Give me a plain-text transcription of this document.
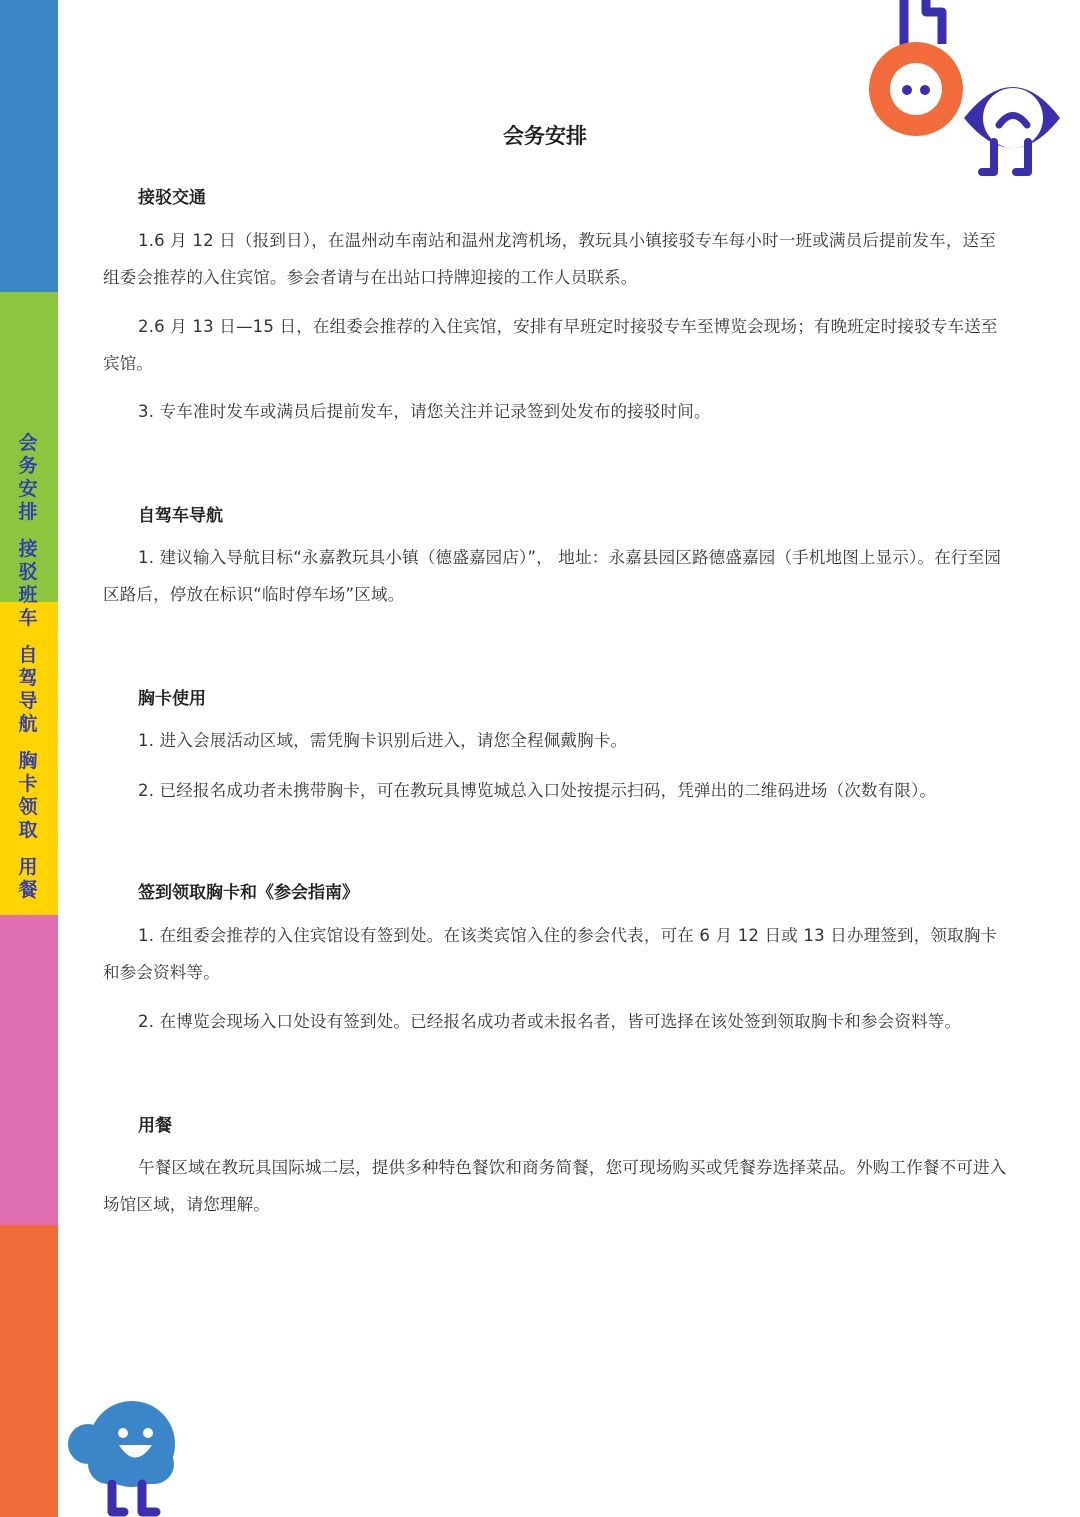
会
务
安
排
接
驳
班
车
自
驾
导
航
胸
卡
领
取
用
餐
会务安排
接驳交通
1.6 月 12 日（报到日），在温州动车南站和温州龙湾机场，教玩具小镇接驳专车每小时一班或满员后提前发车，送至组委会推荐的入住宾馆。参会者请与在出站口持牌迎接的工作人员联系。
2.6 月 13 日—15 日，在组委会推荐的入住宾馆，安排有早班定时接驳专车至博览会现场；有晚班定时接驳专车送至宾馆。
3. 专车准时发车或满员后提前发车，请您关注并记录签到处发布的接驳时间。
自驾车导航
1. 建议输入导航目标“永嘉教玩具小镇（德盛嘉园店）”， 地址：永嘉县园区路德盛嘉园（手机地图上显示）。在行至园区路后，停放在标识“临时停车场”区域。
胸卡使用
1. 进入会展活动区域，需凭胸卡识别后进入，请您全程佩戴胸卡。
2. 已经报名成功者未携带胸卡，可在教玩具博览城总入口处按提示扫码，凭弹出的二维码进场（次数有限）。
签到领取胸卡和《参会指南》
1. 在组委会推荐的入住宾馆设有签到处。在该类宾馆入住的参会代表，可在 6 月 12 日或 13 日办理签到，领取胸卡和参会资料等。
2. 在博览会现场入口处设有签到处。已经报名成功者或未报名者，皆可选择在该处签到领取胸卡和参会资料等。
用餐
午餐区域在教玩具国际城二层，提供多种特色餐饮和商务简餐，您可现场购买或凭餐券选择菜品。外购工作餐不可进入场馆区域，请您理解。
